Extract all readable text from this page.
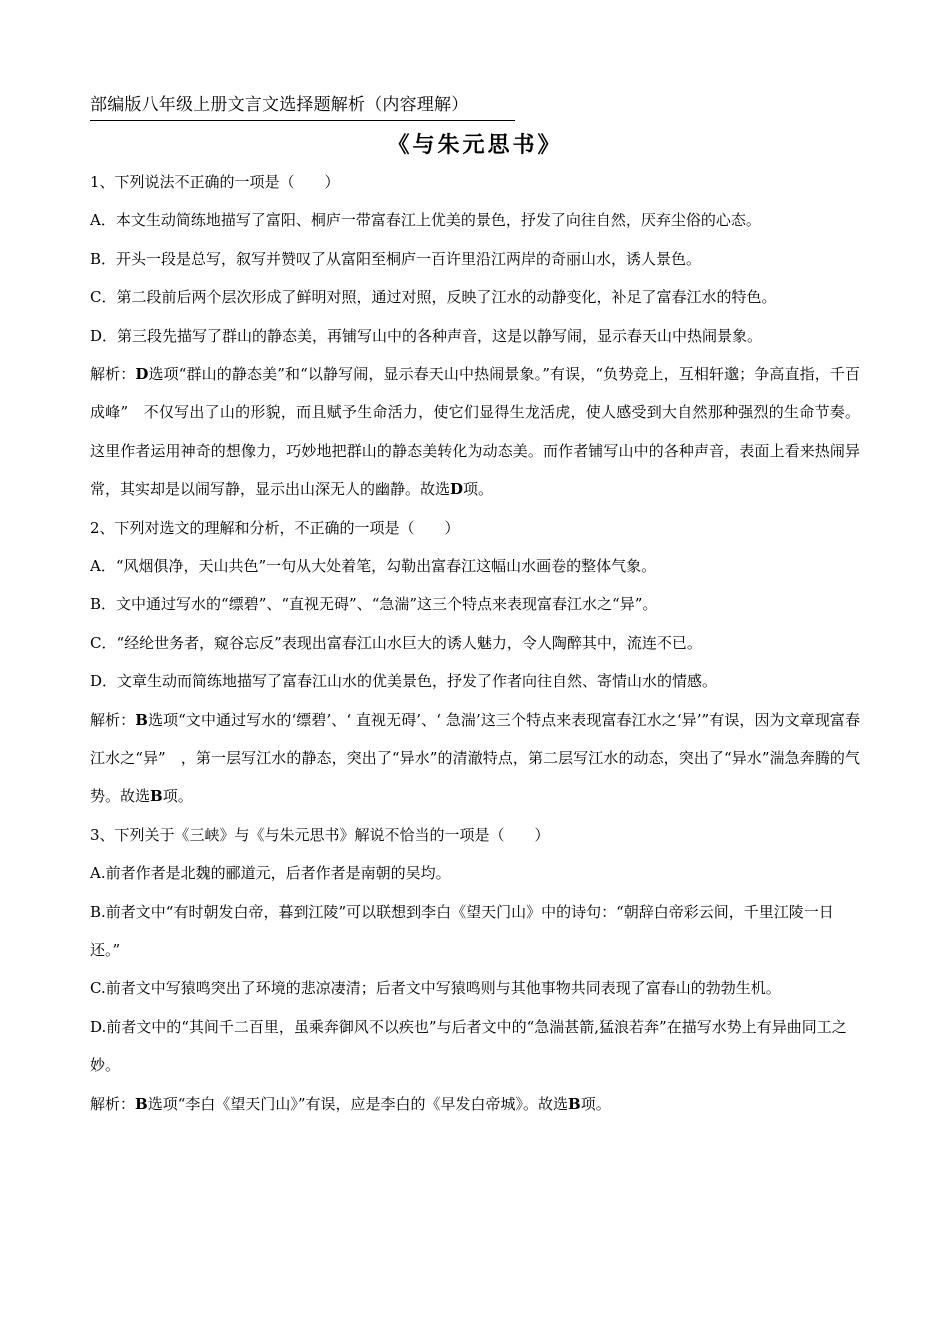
部编版八年级上册文言文选择题解析（内容理解）
《与朱元思书》
1、下列说法不正确的一项是（　　）
A．本文生动简练地描写了富阳、桐庐一带富春江上优美的景色，抒发了向往自然，厌弃尘俗的心态。
B．开头一段是总写，叙写并赞叹了从富阳至桐庐一百许里沿江两岸的奇丽山水，诱人景色。
C．第二段前后两个层次形成了鲜明对照，通过对照，反映了江水的动静变化，补足了富春江水的特色。
D．第三段先描写了群山的静态美，再铺写山中的各种声音，这是以静写闹，显示春天山中热闹景象。
解析：D选项“群山的静态美”和“以静写闹，显示春天山中热闹景象。”有误，“负势竞上，互相轩邈；争高直指，千百成峰”　不仅写出了山的形貌，而且赋予生命活力，使它们显得生龙活虎，使人感受到大自然那种强烈的生命节奏。这里作者运用神奇的想像力，巧妙地把群山的静态美转化为动态美。而作者铺写山中的各种声音，表面上看来热闹异常，其实却是以闹写静，显示出山深无人的幽静。故选D项。
2、下列对选文的理解和分析，不正确的一项是（　　）
A．“风烟俱净，天山共色”一句从大处着笔，勾勒出富春江这幅山水画卷的整体气象。
B．文中通过写水的“缥碧”、“直视无碍”、“急湍”这三个特点来表现富春江水之“异”。
C．“经纶世务者，窥谷忘反”表现出富春江山水巨大的诱人魅力，令人陶醉其中，流连不已。
D．文章生动而简练地描写了富春江山水的优美景色，抒发了作者向往自然、寄情山水的情感。
解析：B选项“文中通过写水的‘缥碧’、‘ 直视无碍’、‘ 急湍’这三个特点来表现富春江水之‘异’”有误，因为文章现富春江水之“异”　，第一层写江水的静态，突出了“异水”的清澈特点，第二层写江水的动态，突出了“异水”湍急奔腾的气势。故选B项。
3、下列关于《三峡》与《与朱元思书》解说不恰当的一项是（　　）
A.前者作者是北魏的郦道元，后者作者是南朝的吴均。
B.前者文中“有时朝发白帝，暮到江陵”可以联想到李白《望天门山》中的诗句：“朝辞白帝彩云间，千里江陵一日还。”
C.前者文中写猿鸣突出了环境的悲凉凄清；后者文中写猿鸣则与其他事物共同表现了富春山的勃勃生机。
D.前者文中的“其间千二百里，虽乘奔御风不以疾也”与后者文中的“急湍甚箭,猛浪若奔”在描写水势上有异曲同工之妙。
解析：B选项“李白《望天门山》”有误，应是李白的《早发白帝城》。故选B项。
